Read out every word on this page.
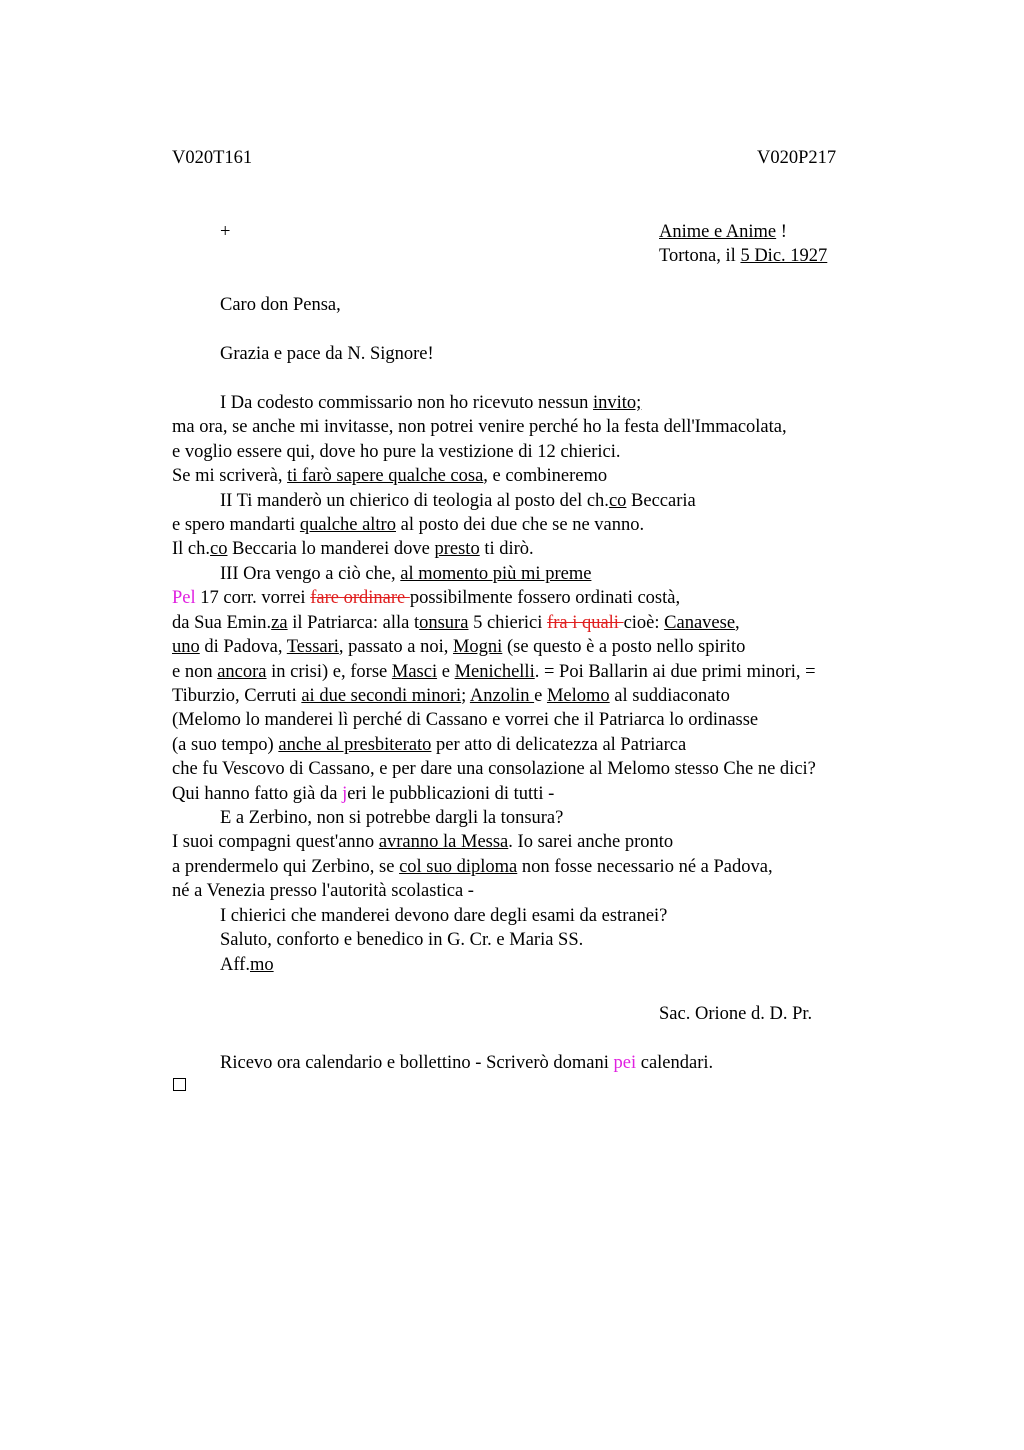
V020T161	V020P217
+	Anime e Anime !
Tortona, il 5 Dic. 1927
Caro don Pensa,
Grazia e pace da N. Signore!
I Da codesto commissario non ho ricevuto nessun invito;
ma ora, se anche mi invitasse, non potrei venire perché ho la festa dell'Immacolata,
e voglio essere qui, dove ho pure la vestizione di 12 chierici.
Se mi scriverà, ti farò sapere qualche cosa, e combineremo
II Ti manderò un chierico di teologia al posto del ch.co Beccaria
e spero mandarti qualche altro al posto dei due che se ne vanno.
Il ch.co Beccaria lo manderei dove presto ti dirò.
III Ora vengo a ciò che, al momento più mi preme
Pel 17 corr. vorrei fare ordinare possibilmente fossero ordinati costà,
da Sua Emin.za il Patriarca: alla tonsura 5 chierici fra i quali cioè: Canavese,
uno di Padova, Tessari, passato a noi, Mogni (se questo è a posto nello spirito
e non ancora in crisi) e, forse Masci e Menichelli. = Poi Ballarin ai due primi minori, =
Tiburzio, Cerruti ai due secondi minori; Anzolin e Melomo al suddiaconato
(Melomo lo manderei lì perché di Cassano e vorrei che il Patriarca lo ordinasse
(a suo tempo) anche al presbiterato per atto di delicatezza al Patriarca
che fu Vescovo di Cassano, e per dare una consolazione al Melomo stesso Che ne dici?
Qui hanno fatto già da jeri le pubblicazioni di tutti -
E a Zerbino, non si potrebbe dargli la tonsura?
I suoi compagni quest'anno avranno la Messa. Io sarei anche pronto
a prendermelo qui Zerbino, se col suo diploma non fosse necessario né a Padova,
né a Venezia presso l'autorità scolastica -
I chierici che manderei devono dare degli esami da estranei?
Saluto, conforto e benedico in G. Cr. e Maria SS.
Aff.mo
Sac. Orione d. D. Pr.
Ricevo ora calendario e bollettino - Scriverò domani pei calendari.
